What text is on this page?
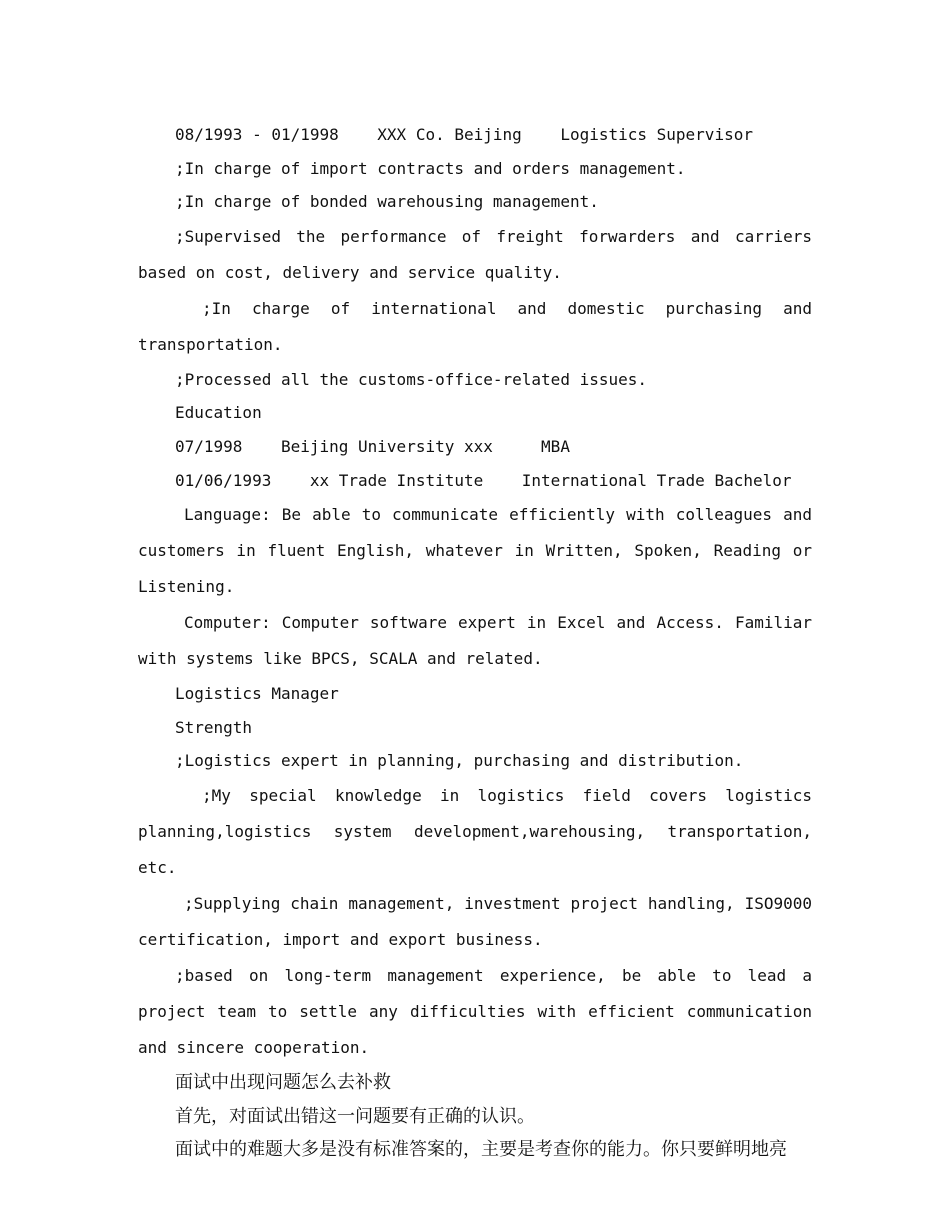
08/1993 - 01/1998    XXX Co. Beijing    Logistics Supervisor

;In charge of import contracts and orders management.

;In charge of bonded warehousing management.

;Supervised the performance of freight forwarders and carriers based on cost, delivery and service quality.

;In charge of international and domestic purchasing and transportation.

;Processed all the customs-office-related issues.

Education

07/1998    Beijing University xxx     MBA

01/06/1993    xx Trade Institute    International Trade Bachelor

Language: Be able to communicate efficiently with colleagues and customers in fluent English, whatever in Written, Spoken, Reading or Listening.

Computer: Computer software expert in Excel and Access. Familiar with systems like BPCS, SCALA and related.

Logistics Manager

Strength

;Logistics expert in planning, purchasing and distribution.

;My special knowledge in logistics field covers logistics planning,logistics system development,warehousing, transportation, etc.

;Supplying chain management, investment project handling, ISO9000 certification, import and export business.

;based on long-term management experience, be able to lead a project team to settle any difficulties with efficient communication and sincere cooperation.

面试中出现问题怎么去补救

首先，对面试出错这一问题要有正确的认识。

面试中的难题大多是没有标准答案的，主要是考查你的能力。你只要鲜明地亮
